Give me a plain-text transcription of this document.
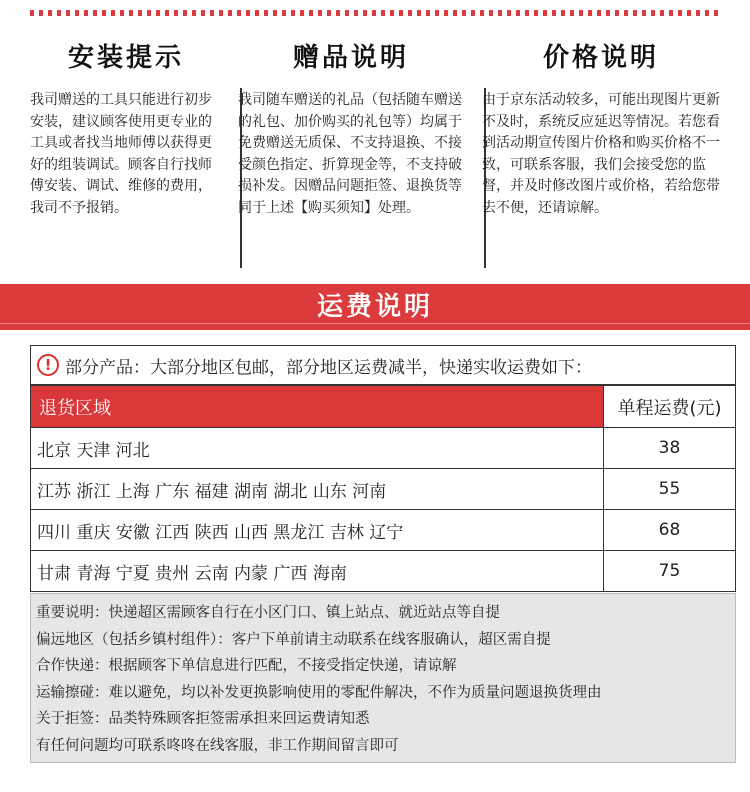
安装提示
我司赠送的工具只能进行初步安装，建议顾客使用更专业的工具或者找当地师傅以获得更好的组装调试。顾客自行找师傅安装、调试、维修的费用，我司不予报销。
赠品说明
我司随车赠送的礼品（包括随车赠送的礼包、加价购买的礼包等）均属于免费赠送无质保、不支持退换、不接受颜色指定、折算现金等，不支持破损补发。因赠品问题拒签、退换货等同于上述【购买须知】处理。
价格说明
由于京东活动较多，可能出现图片更新不及时，系统反应延迟等情况。若您看到活动期宣传图片价格和购买价格不一致，可联系客服，我们会接受您的监督，并及时修改图片或价格，若给您带去不便，还请谅解。
运费说明
! 部分产品：大部分地区包邮，部分地区运费减半，快递实收运费如下：
退货区域	单程运费(元)
北京 天津 河北	38
江苏 浙江 上海 广东 福建 湖南 湖北 山东 河南	55
四川 重庆 安徽 江西 陕西 山西 黑龙江 吉林 辽宁	68
甘肃 青海 宁夏 贵州 云南 内蒙 广西 海南	75
重要说明：快递超区需顾客自行在小区门口、镇上站点、就近站点等自提
偏远地区（包括乡镇村组件）：客户下单前请主动联系在线客服确认，超区需自提
合作快递：根据顾客下单信息进行匹配，不接受指定快递，请谅解
运输擦碰：难以避免，均以补发更换影响使用的零配件解决，不作为质量问题退换货理由
关于拒签：品类特殊顾客拒签需承担来回运费请知悉
有任何问题均可联系咚咚在线客服，非工作期间留言即可
